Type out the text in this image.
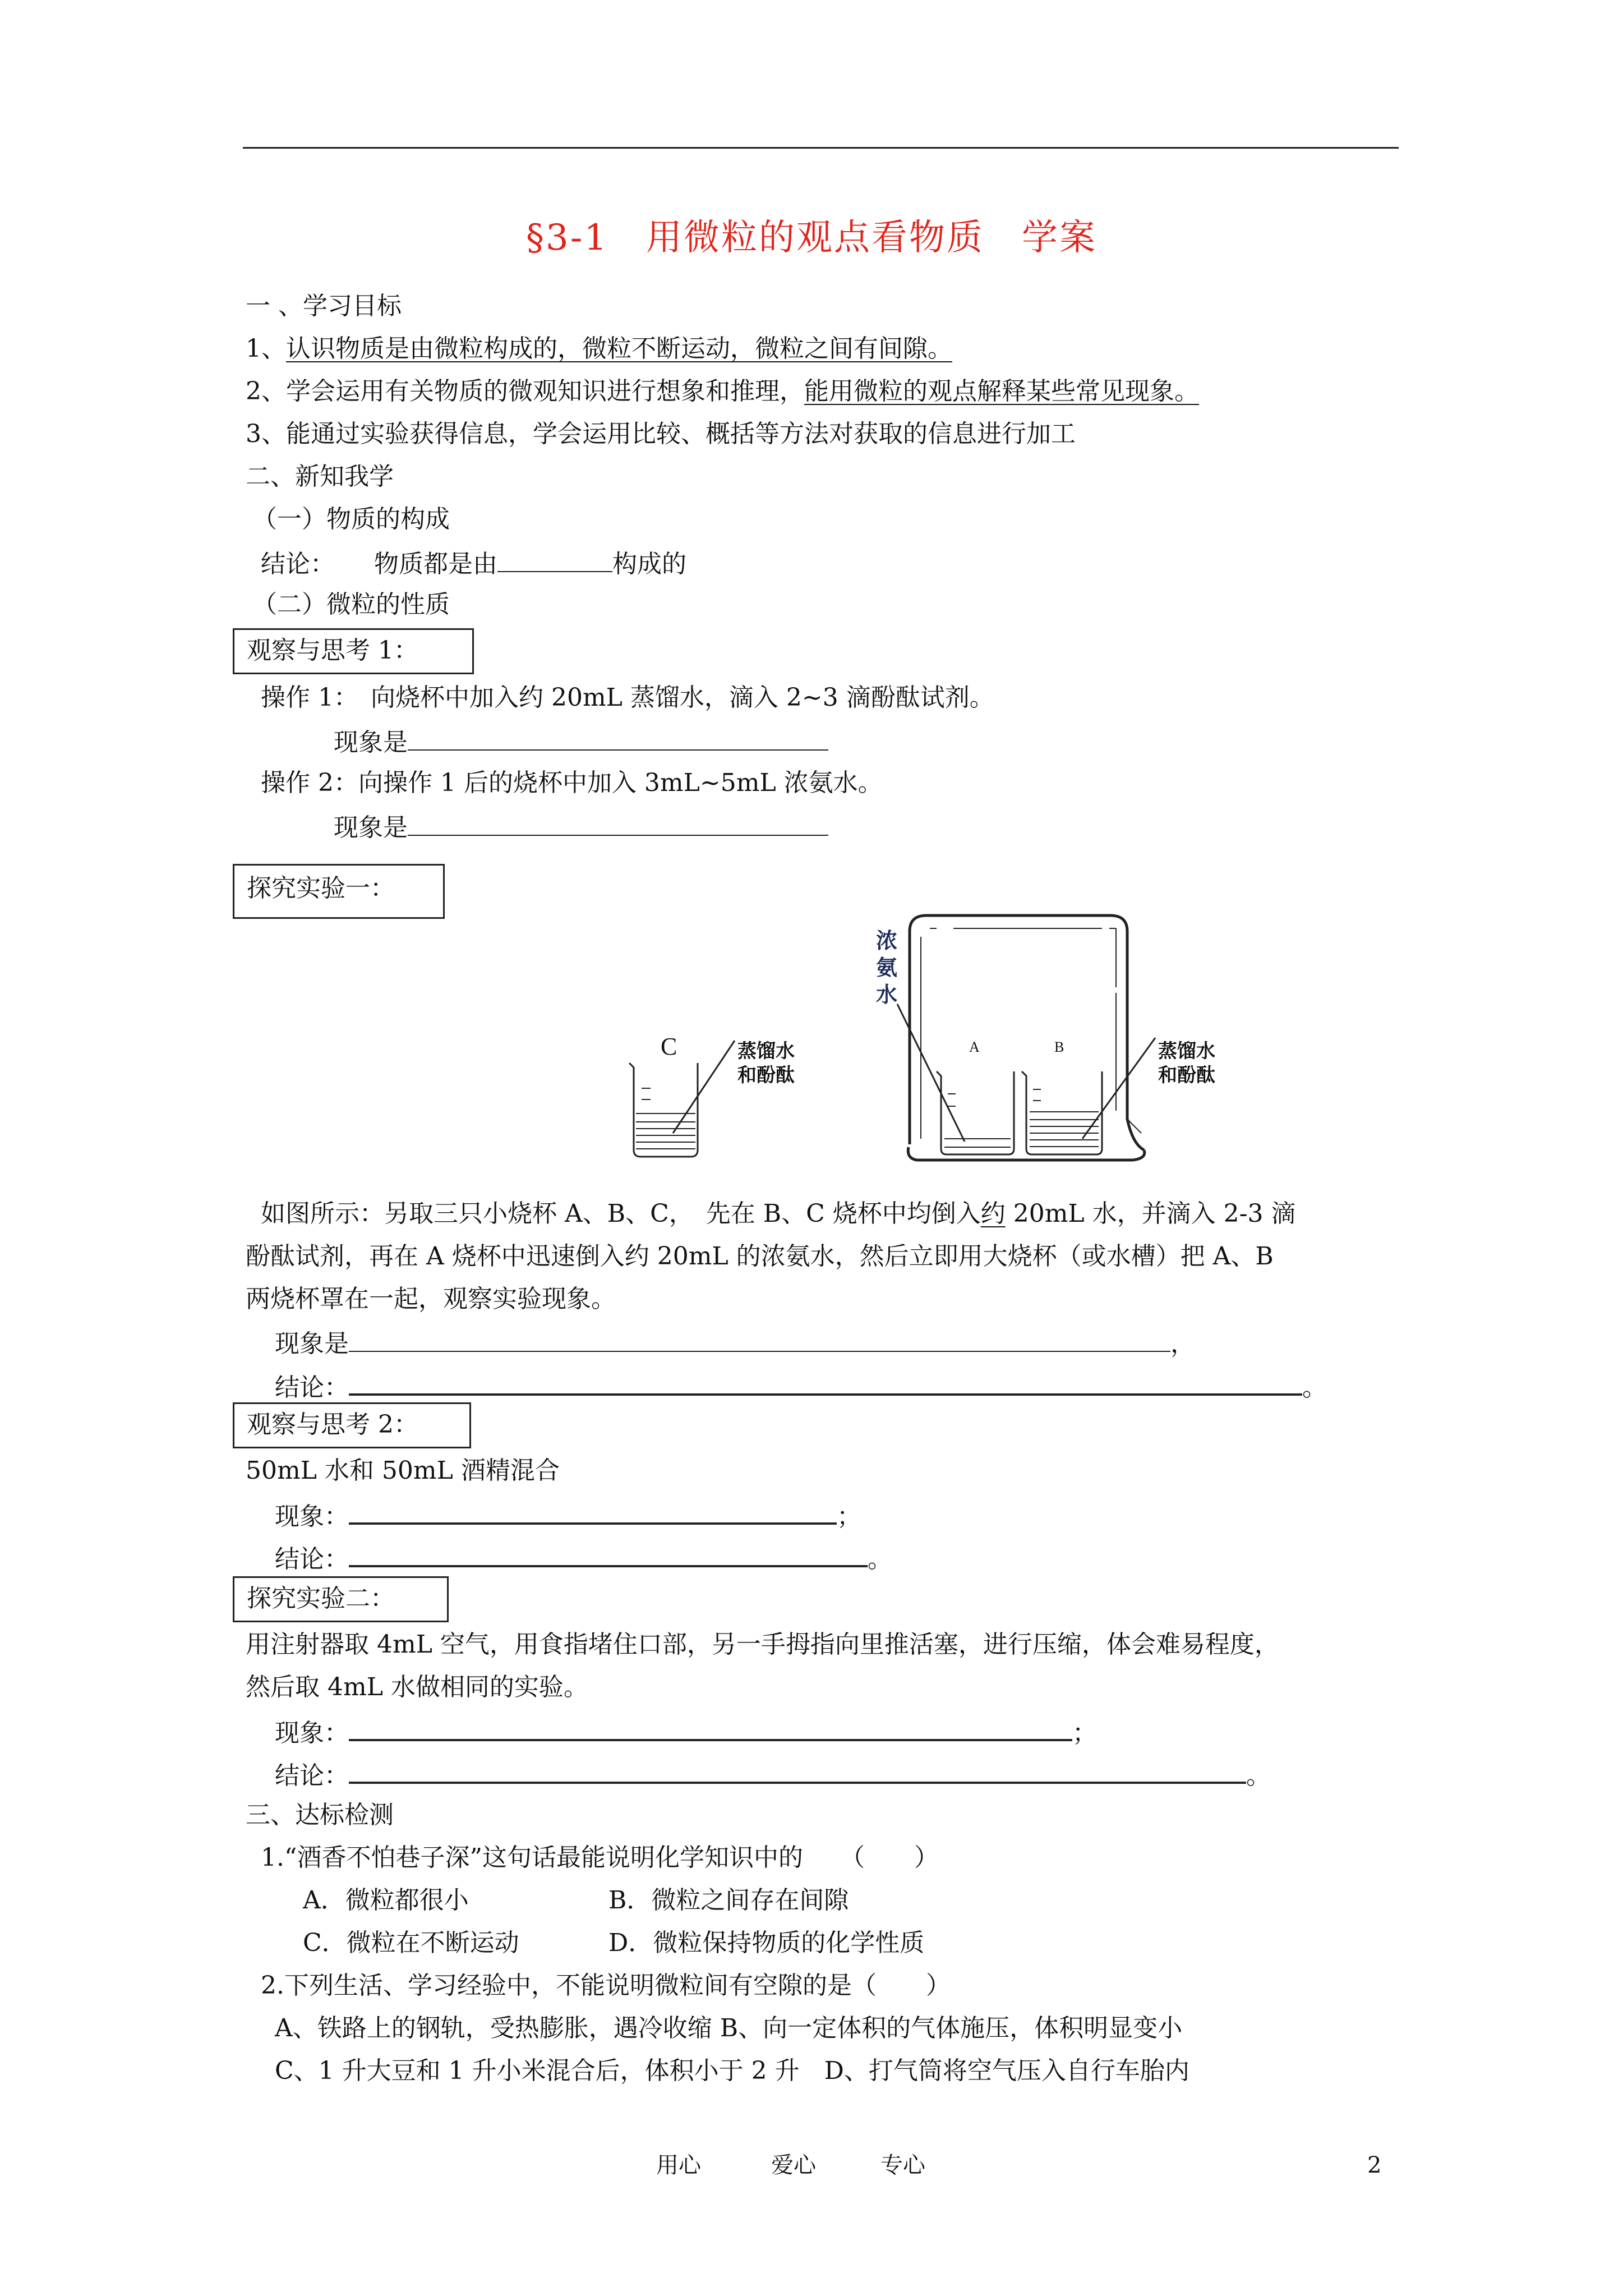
§3-1　用微粒的观点看物质　学案
一 、学习目标
1、认识物质是由微粒构成的，微粒不断运动，微粒之间有间隙。
2、学会运用有关物质的微观知识进行想象和推理，能用微粒的观点解释某些常见现象。
3、能通过实验获得信息，学会运用比较、概括等方法对获取的信息进行加工
二、新知我学
（一）物质的构成
结论： 物质都是由	构成的
（二）微粒的性质
观察与思考 1：
操作 1：　向烧杯中加入约 20mL 蒸馏水，滴入 2~3 滴酚酞试剂。
现象是
操作 2：向操作 1 后的烧杯中加入 3mL~5mL 浓氨水。
现象是
探究实验一：
C	蒸馏水
和酚酞
浓
氨
水
A	B	蒸馏水
和酚酞
如图所示：另取三只小烧杯 A、B、C，　先在 B、C 烧杯中均倒入约 20mL 水，并滴入 2-3 滴
酚酞试剂，再在 A 烧杯中迅速倒入约 20mL 的浓氨水，然后立即用大烧杯（或水槽）把 A、B
两烧杯罩在一起，观察实验现象。
现象是	，
结论：	。
观察与思考 2：
50mL 水和 50mL 酒精混合
现象：	；
结论：	。
探究实验二：
用注射器取 4mL 空气，用食指堵住口部，另一手拇指向里推活塞，进行压缩，体会难易程度，
然后取 4mL 水做相同的实验。
现象：	；
结论：	。
三、达标检测
1.“酒香不怕巷子深”这句话最能说明化学知识中的　　（　　）
A．微粒都很小	B．微粒之间存在间隙
C．微粒在不断运动	D．微粒保持物质的化学性质
2.下列生活、学习经验中，不能说明微粒间有空隙的是（　　）
A、铁路上的钢轨，受热膨胀，遇冷收缩 B、向一定体积的气体施压，体积明显变小
C、1 升大豆和 1 升小米混合后，体积小于 2 升　D、打气筒将空气压入自行车胎内
用心	爱心	专心	2
